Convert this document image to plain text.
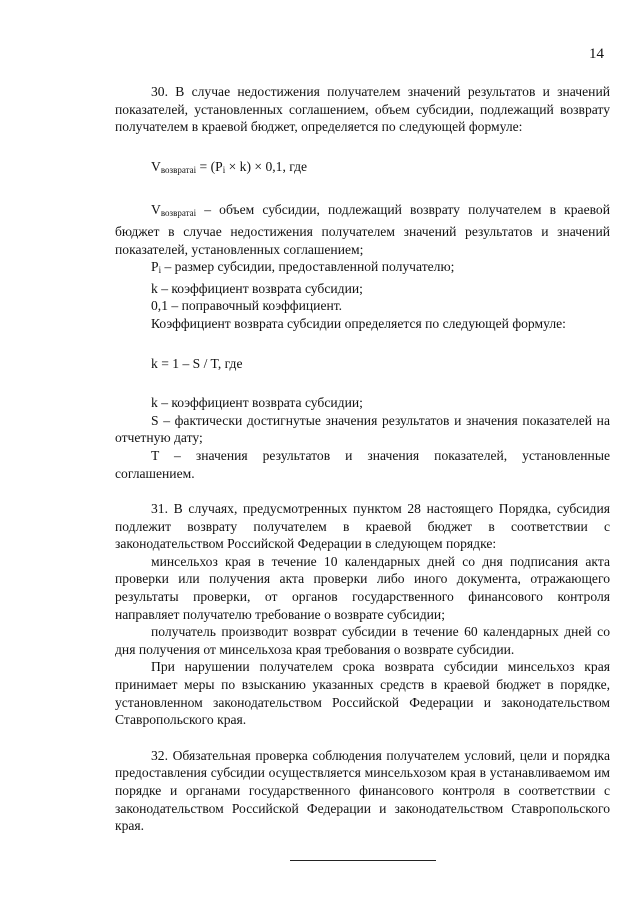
14

30. В случае недостижения получателем значений результатов и значений показателей, установленных соглашением, объем субсидии, подлежащий возврату получателем в краевой бюджет, определяется по следующей формуле:

$V_{возвратаi} = (P_i \times k) \times 0,1$, где

$V_{возвратаi}$ – объем субсидии, подлежащий возврату получателем в краевой бюджет в случае недостижения получателем значений результатов и значений показателей, установленных соглашением;

$P_i$ – размер субсидии, предоставленной получателю;

k – коэффициент возврата субсидии;

0,1 – поправочный коэффициент.

Коэффициент возврата субсидии определяется по следующей формуле:

k = 1 – S / T, где

k – коэффициент возврата субсидии;

S – фактически достигнутые значения результатов и значения показателей на отчетную дату;

T – значения результатов и значения показателей, установленные соглашением.

31. В случаях, предусмотренных пунктом 28 настоящего Порядка, субсидия подлежит возврату получателем в краевой бюджет в соответствии с законодательством Российской Федерации в следующем порядке:

минсельхоз края в течение 10 календарных дней со дня подписания акта проверки или получения акта проверки либо иного документа, отражающего результаты проверки, от органов государственного финансового контроля направляет получателю требование о возврате субсидии;

получатель производит возврат субсидии в течение 60 календарных дней со дня получения от минсельхоза края требования о возврате субсидии.

При нарушении получателем срока возврата субсидии минсельхоз края принимает меры по взысканию указанных средств в краевой бюджет в порядке, установленном законодательством Российской Федерации и законодательством Ставропольского края.

32. Обязательная проверка соблюдения получателем условий, цели и порядка предоставления субсидии осуществляется минсельхозом края в устанавливаемом им порядке и органами государственного финансового контроля в соответствии с законодательством Российской Федерации и законодательством Ставропольского края.
